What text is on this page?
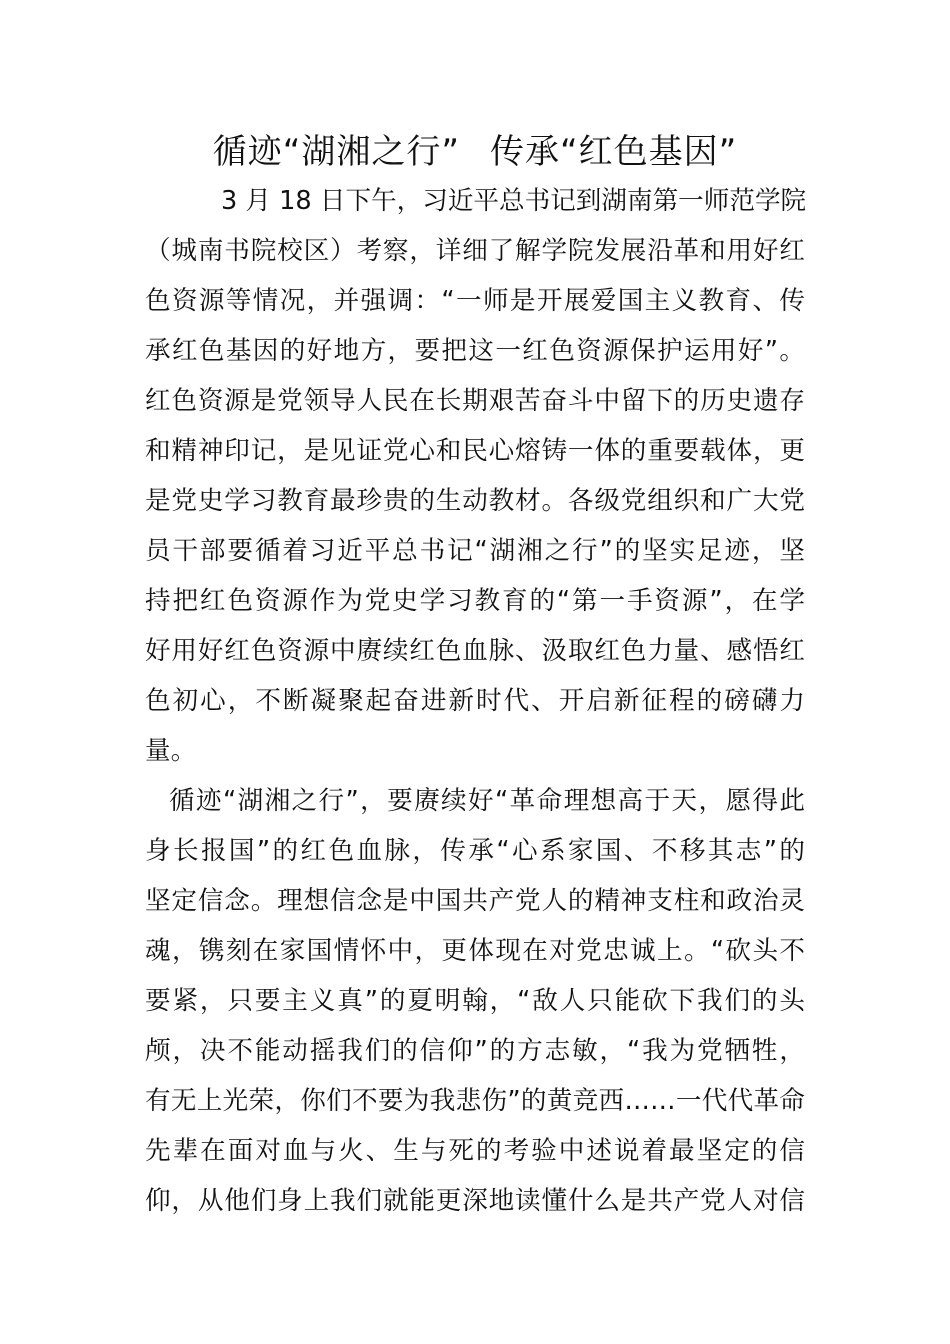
循迹“湖湘之行” 传承“红色基因”
3 月 18 日下午，习近平总书记到湖南第一师范学院
（城南书院校区）考察，详细了解学院发展沿革和用好红
色资源等情况，并强调：“一师是开展爱国主义教育、传
承红色基因的好地方，要把这一红色资源保护运用好”。
红色资源是党领导人民在长期艰苦奋斗中留下的历史遗存
和精神印记，是见证党心和民心熔铸一体的重要载体，更
是党史学习教育最珍贵的生动教材。各级党组织和广大党
员干部要循着习近平总书记“湖湘之行”的坚实足迹，坚
持把红色资源作为党史学习教育的“第一手资源”，在学
好用好红色资源中赓续红色血脉、汲取红色力量、感悟红
色初心，不断凝聚起奋进新时代、开启新征程的磅礴力
量。
循迹“湖湘之行”，要赓续好“革命理想高于天，愿得此
身长报国”的红色血脉，传承“心系家国、不移其志”的
坚定信念。理想信念是中国共产党人的精神支柱和政治灵
魂，镌刻在家国情怀中，更体现在对党忠诚上。“砍头不
要紧，只要主义真”的夏明翰，“敌人只能砍下我们的头
颅，决不能动摇我们的信仰”的方志敏，“我为党牺牲，
有无上光荣，你们不要为我悲伤”的黄竞西……一代代革命
先辈在面对血与火、生与死的考验中述说着最坚定的信
仰，从他们身上我们就能更深地读懂什么是共产党人对信
